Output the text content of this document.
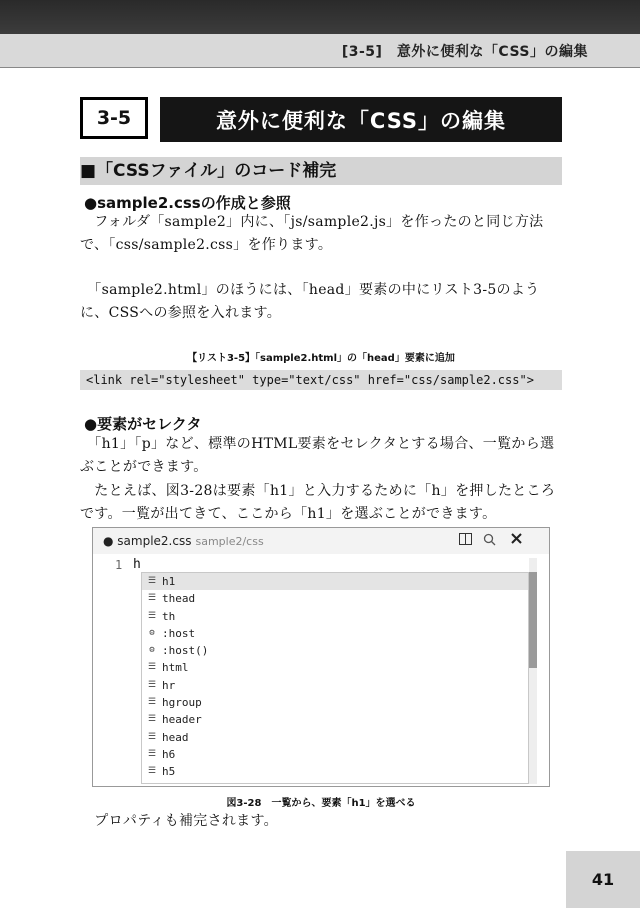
[3-5]　意外に便利な「CSS」の編集
3-5	意外に便利な「CSS」の編集
■「CSSファイル」のコード補完
●sample2.cssの作成と参照

　フォルダ「sample2」内に、「js/sample2.js」を作ったのと同じ方法で、「css/sample2.css」を作ります。

　「sample2.html」のほうには、「head」要素の中にリスト3-5のように、CSSへの参照を入れます。

【リスト3-5】「sample2.html」の「head」要素に追加
<link rel="stylesheet" type="text/css" href="css/sample2.css">
●要素がセレクタ

　「h1」「p」など、標準のHTML要素をセレクタとする場合、一覧から選ぶことができます。

　たとえば、図3-28は要素「h1」と入力するために「h」を押したところです。一覧が出てきて、ここから「h1」を選ぶことができます。

● sample2.css sample2/css
1 h
☰ h1
☰ thead
☰ th
⚙ :host
⚙ :host()
☰ html
☰ hr
☰ hgroup
☰ header
☰ head
☰ h6
☰ h5
図3-28　一覧から、要素「h1」を選べる

　プロパティも補完されます。

41
